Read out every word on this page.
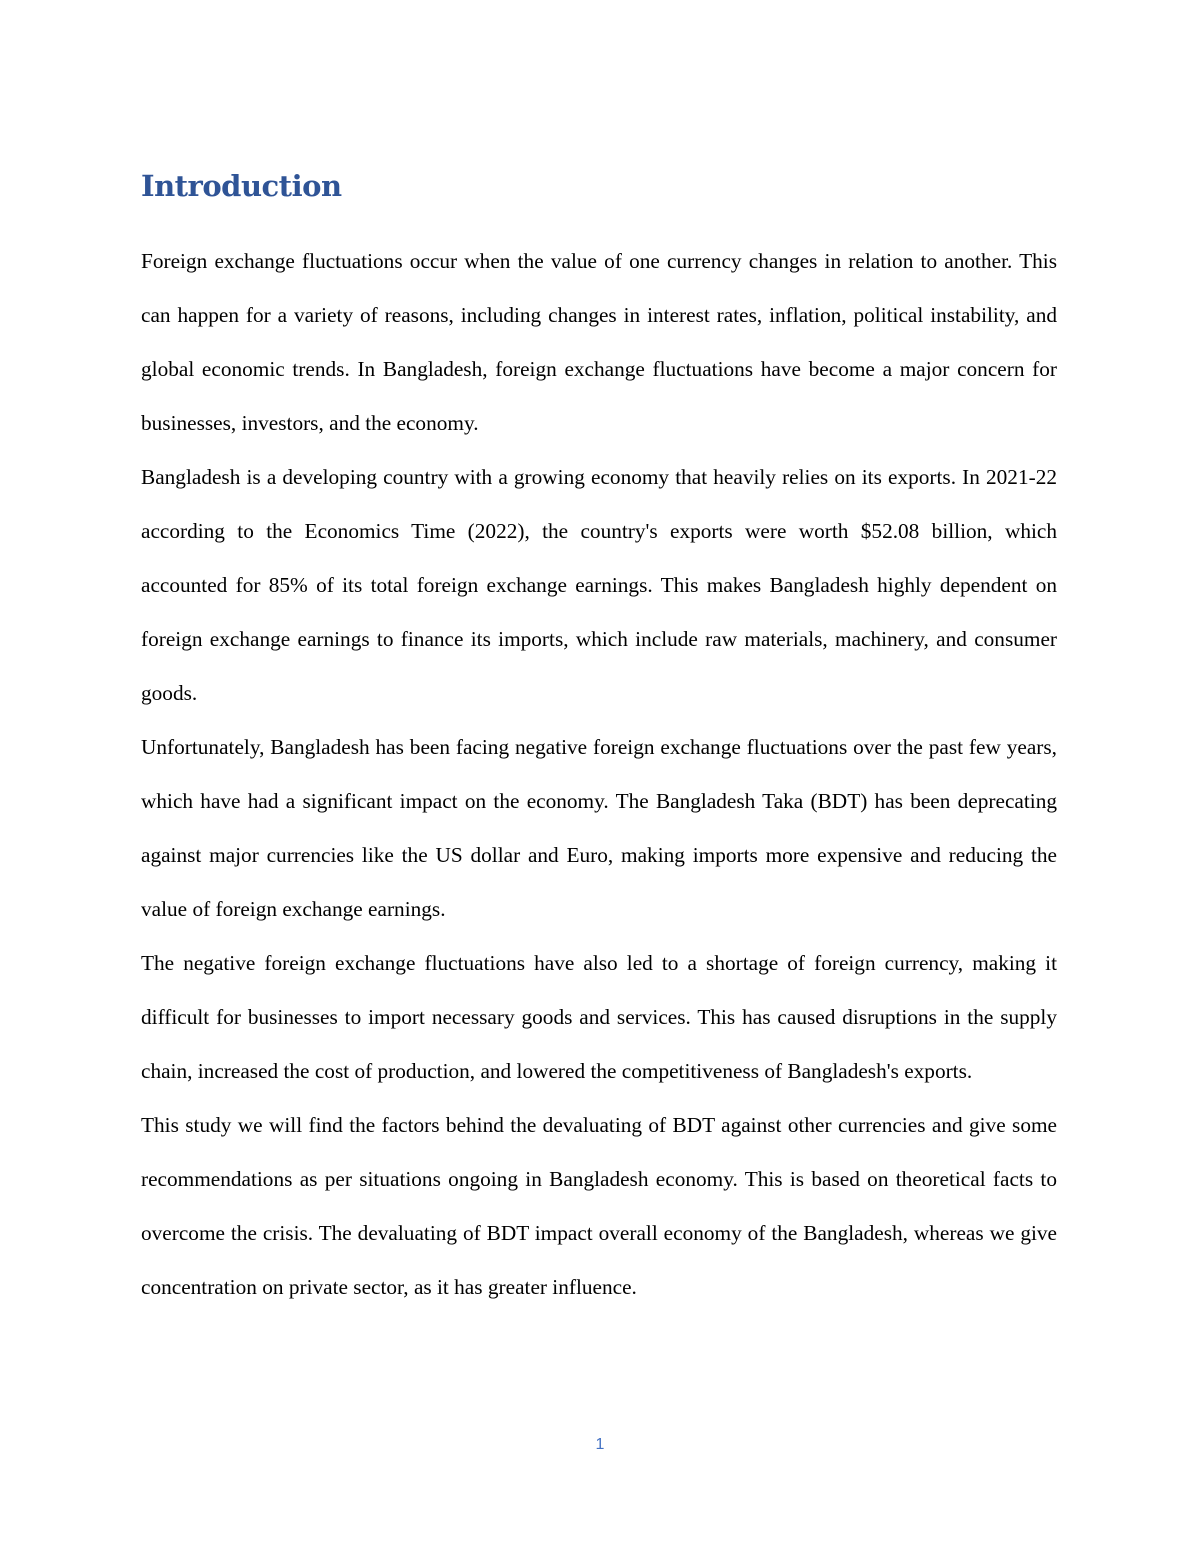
Introduction

Foreign exchange fluctuations occur when the value of one currency changes in relation to another. This can happen for a variety of reasons, including changes in interest rates, inflation, political instability, and global economic trends. In Bangladesh, foreign exchange fluctuations have become a major concern for businesses, investors, and the economy.

Bangladesh is a developing country with a growing economy that heavily relies on its exports. In 2021-22 according to the Economics Time (2022), the country's exports were worth $52.08 billion, which accounted for 85% of its total foreign exchange earnings. This makes Bangladesh highly dependent on foreign exchange earnings to finance its imports, which include raw materials, machinery, and consumer goods.

Unfortunately, Bangladesh has been facing negative foreign exchange fluctuations over the past few years, which have had a significant impact on the economy. The Bangladesh Taka (BDT) has been deprecating against major currencies like the US dollar and Euro, making imports more expensive and reducing the value of foreign exchange earnings.

The negative foreign exchange fluctuations have also led to a shortage of foreign currency, making it difficult for businesses to import necessary goods and services. This has caused disruptions in the supply chain, increased the cost of production, and lowered the competitiveness of Bangladesh's exports.

This study we will find the factors behind the devaluating of BDT against other currencies and give some recommendations as per situations ongoing in Bangladesh economy. This is based on theoretical facts to overcome the crisis. The devaluating of BDT impact overall economy of the Bangladesh, whereas we give concentration on private sector, as it has greater influence.

1
